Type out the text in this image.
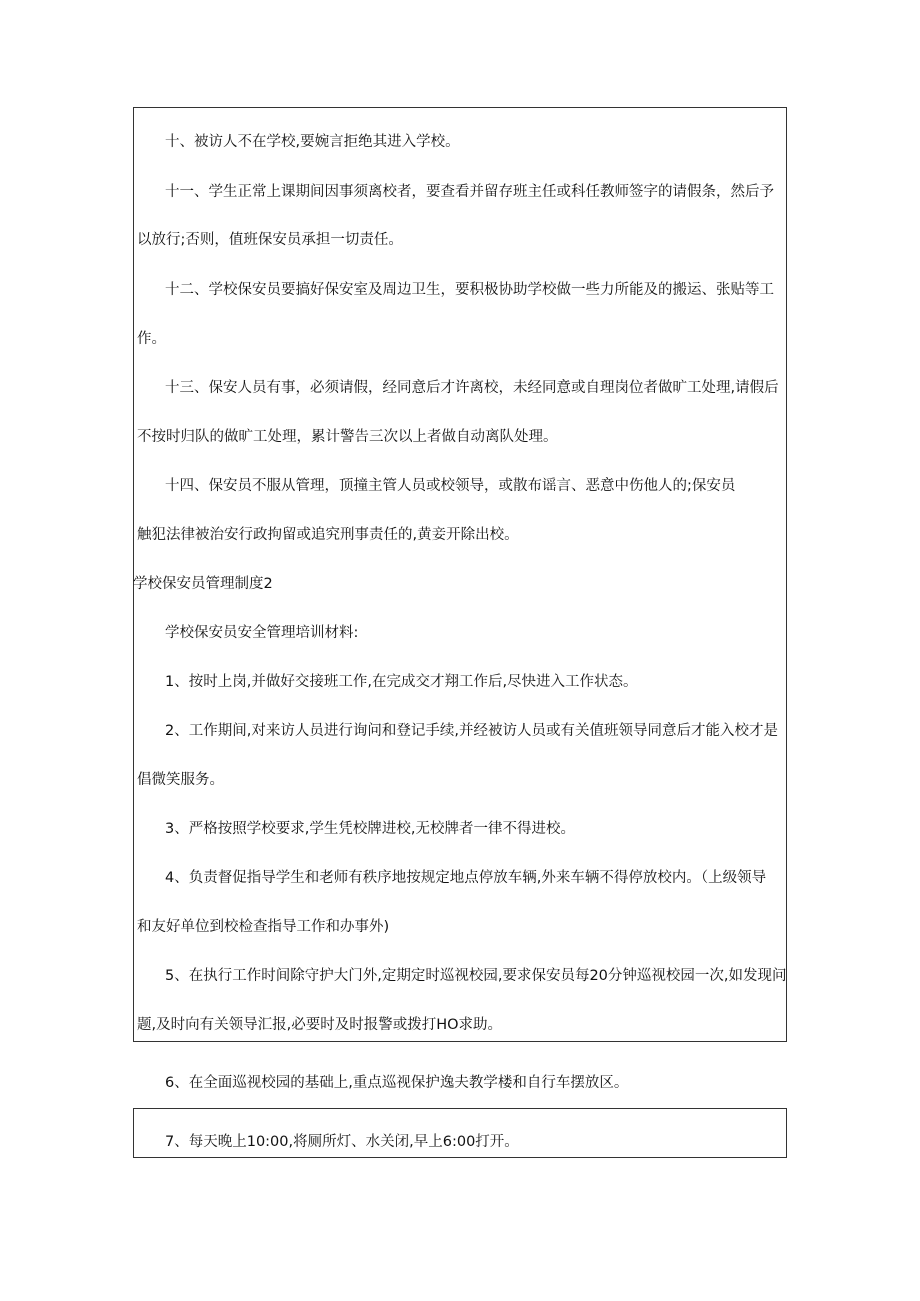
十、被访人不在学校,要婉言拒绝其进入学校。
十一、学生正常上课期间因事须离校者，要查看并留存班主任或科任教师签字的请假条，然后予
以放行;否则，值班保安员承担一切责任。
十二、学校保安员要搞好保安室及周边卫生，要积极协助学校做一些力所能及的搬运、张贴等工
作。
十三、保安人员有事，必须请假，经同意后才许离校，未经同意或自理岗位者做旷工处理,请假后
不按时归队的做旷工处理，累计警告三次以上者做自动离队处理。
十四、保安员不服从管理，顶撞主管人员或校领导，或散布谣言、恶意中伤他人的;保安员
触犯法律被治安行政拘留或追究刑事责任的,黄妾开除出校。
学校保安员管理制度2
学校保安员安全管理培训材料:
1、按时上岗,并做好交接班工作,在完成交才翔工作后,尽快进入工作状态。
2、工作期间,对来访人员进行询问和登记手续,并经被访人员或有关值班领导同意后才能入校才是
倡微笑服务。
3、严格按照学校要求,学生凭校牌进校,无校牌者一律不得进校。
4、负责督促指导学生和老师有秩序地按规定地点停放车辆,外来车辆不得停放校内。（上级领导
和友好单位到校检查指导工作和办事外)
5、在执行工作时间除守护大门外,定期定时巡视校园,要求保安员每20分钟巡视校园一次,如发现问
题,及时向有关领导汇报,必要时及时报警或拨打HO求助。
6、在全面巡视校园的基础上,重点巡视保护逸夫教学楼和自行车摆放区。
7、每天晚上10:00,将厕所灯、水关闭,早上6:00打开。
